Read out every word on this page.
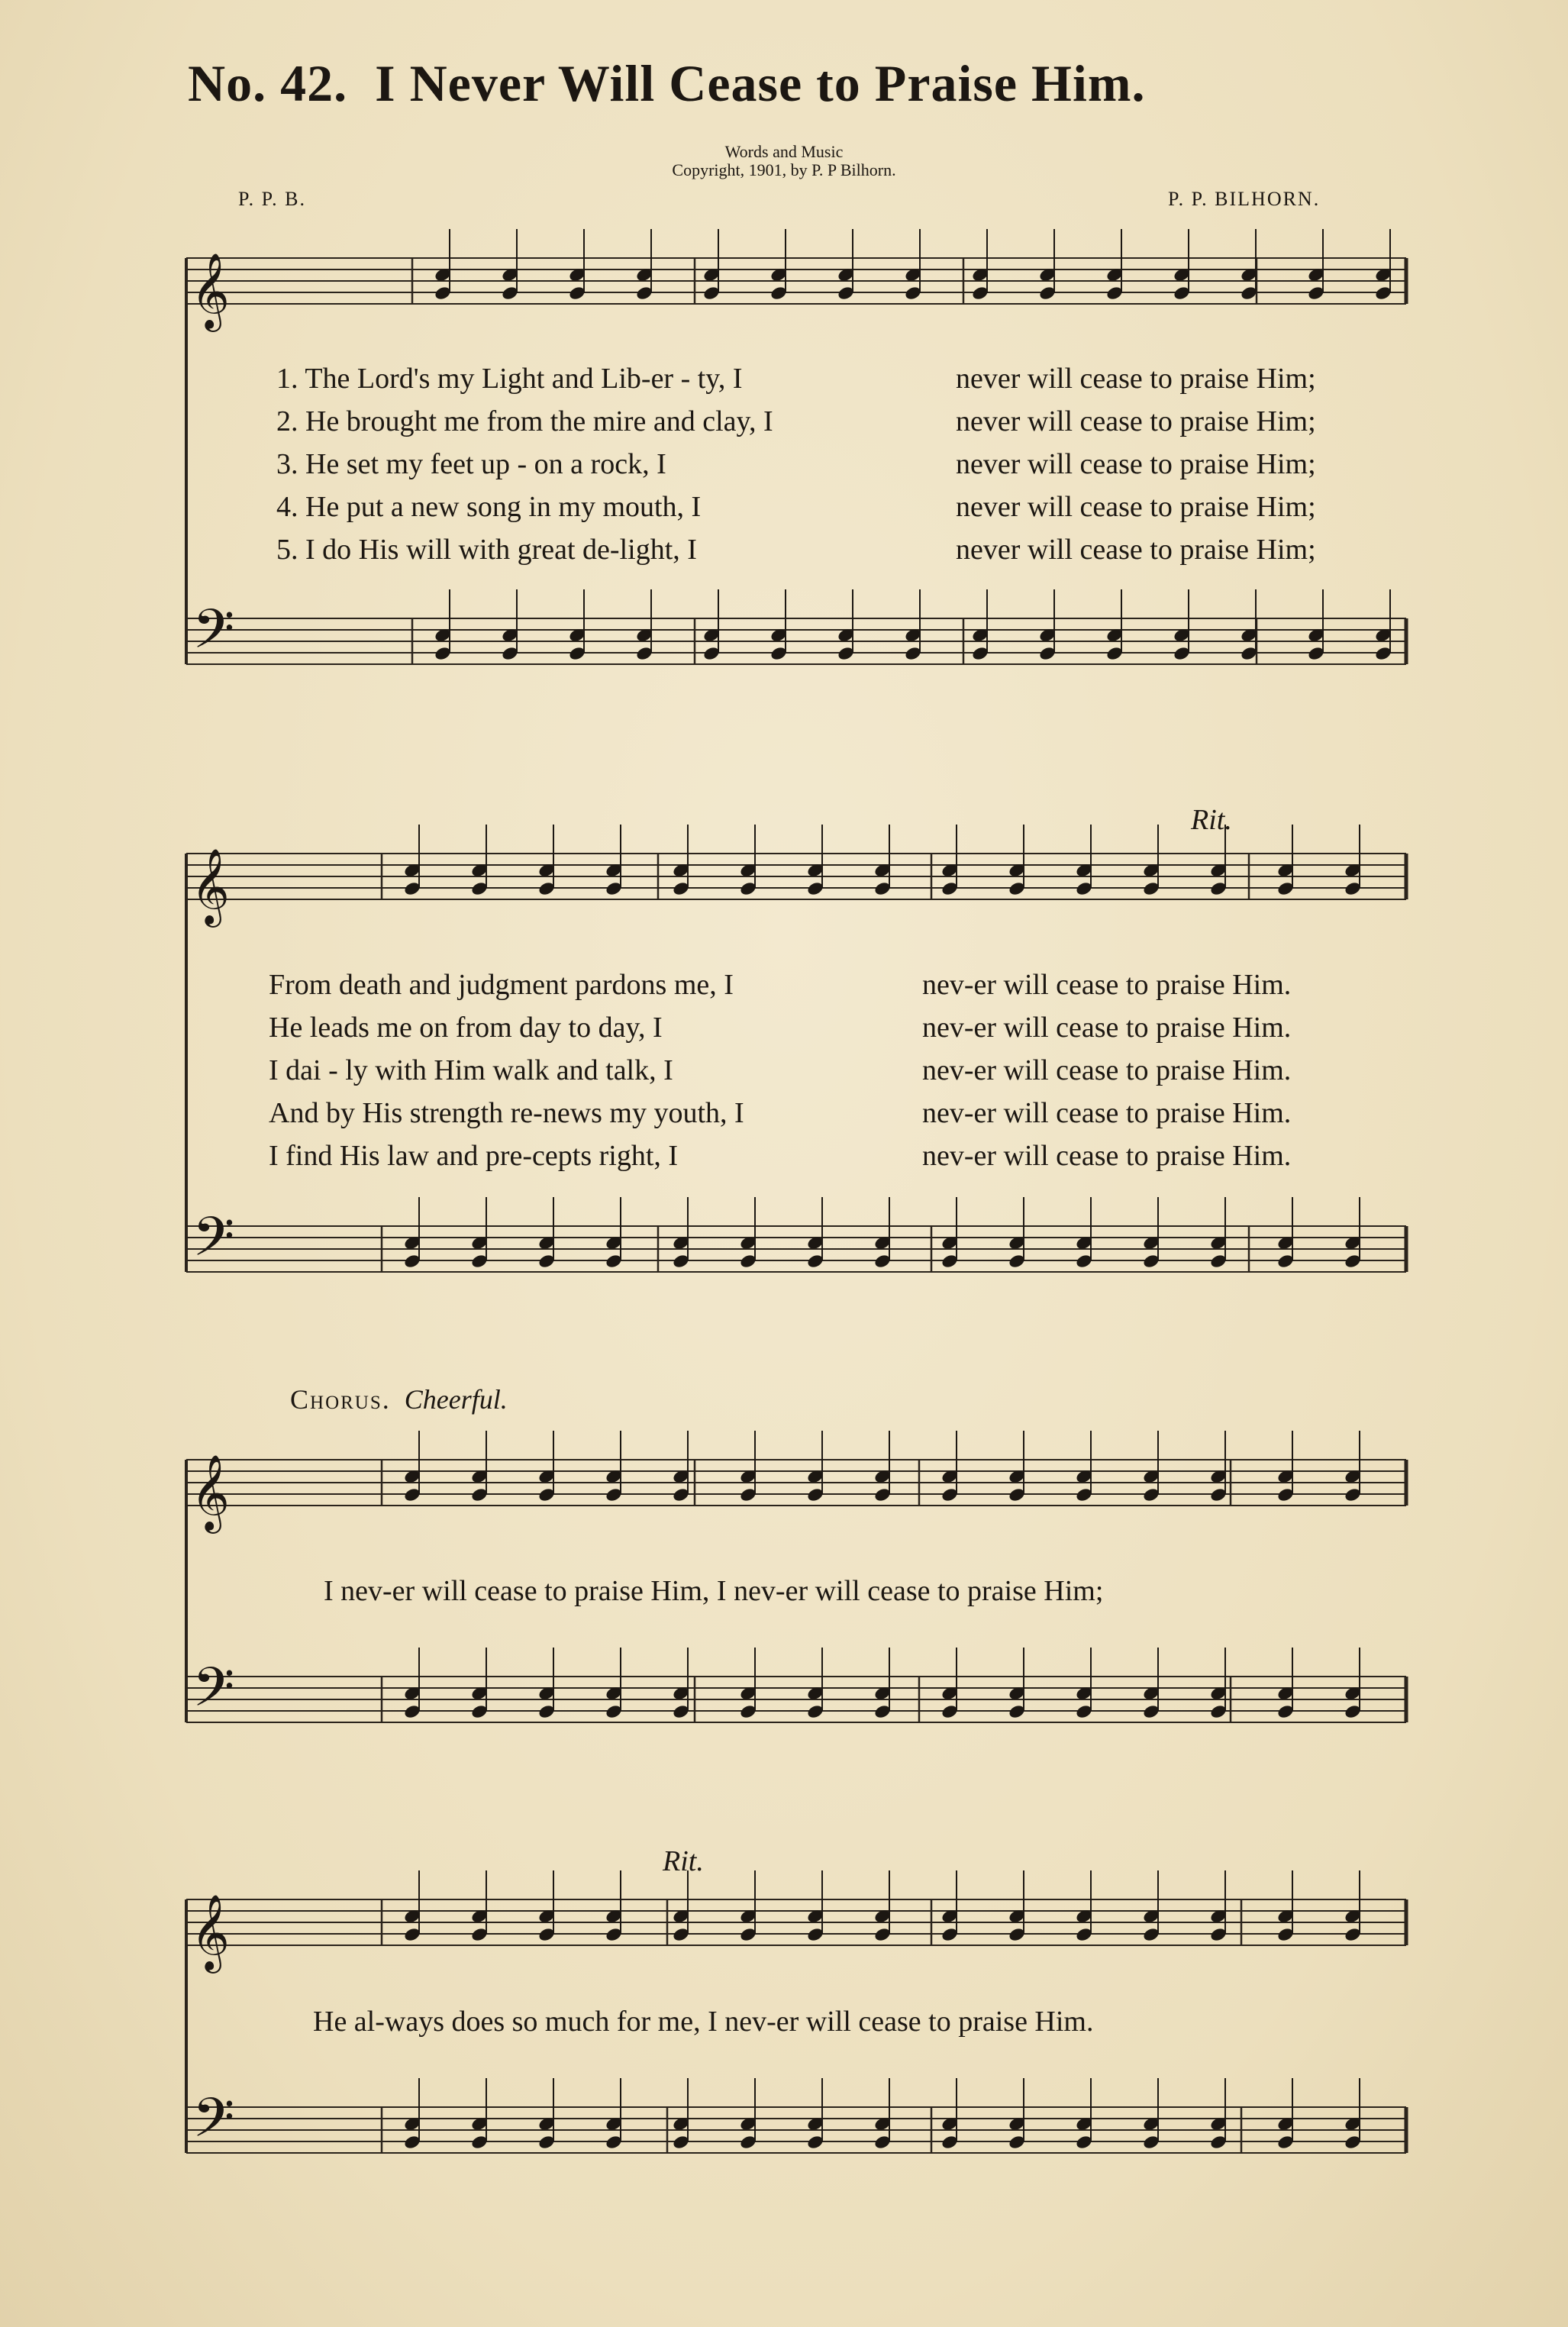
No. 42. I Never Will Cease to Praise Him.
Words and Music
Copyright, 1901, by P. P Bilhorn.
P. P. B.	P. P. BILHORN.
𝄞
𝄢
𝄞
𝄢
𝄞
𝄢
𝄞
𝄢
1. The Lord's my Light and Lib-er - ty, I	never will cease to praise Him;
2. He brought me from the mire and clay, I	never will cease to praise Him;
3. He set my feet up - on a rock, I	never will cease to praise Him;
4. He put a new song in my mouth, I	never will cease to praise Him;
5. I do His will with great de-light, I	never will cease to praise Him;
From death and judgment pardons me, I	nev-er will cease to praise Him.
He leads me on from day to day, I	nev-er will cease to praise Him.
I dai - ly with Him walk and talk, I	nev-er will cease to praise Him.
And by His strength re-news my youth, I	nev-er will cease to praise Him.
I find His law and pre-cepts right, I	nev-er will cease to praise Him.
Rit.
Chorus. Cheerful.
I nev-er will cease to praise Him, I nev-er will cease to praise Him;
Rit.
He al-ways does so much for me, I nev-er will cease to praise Him.
